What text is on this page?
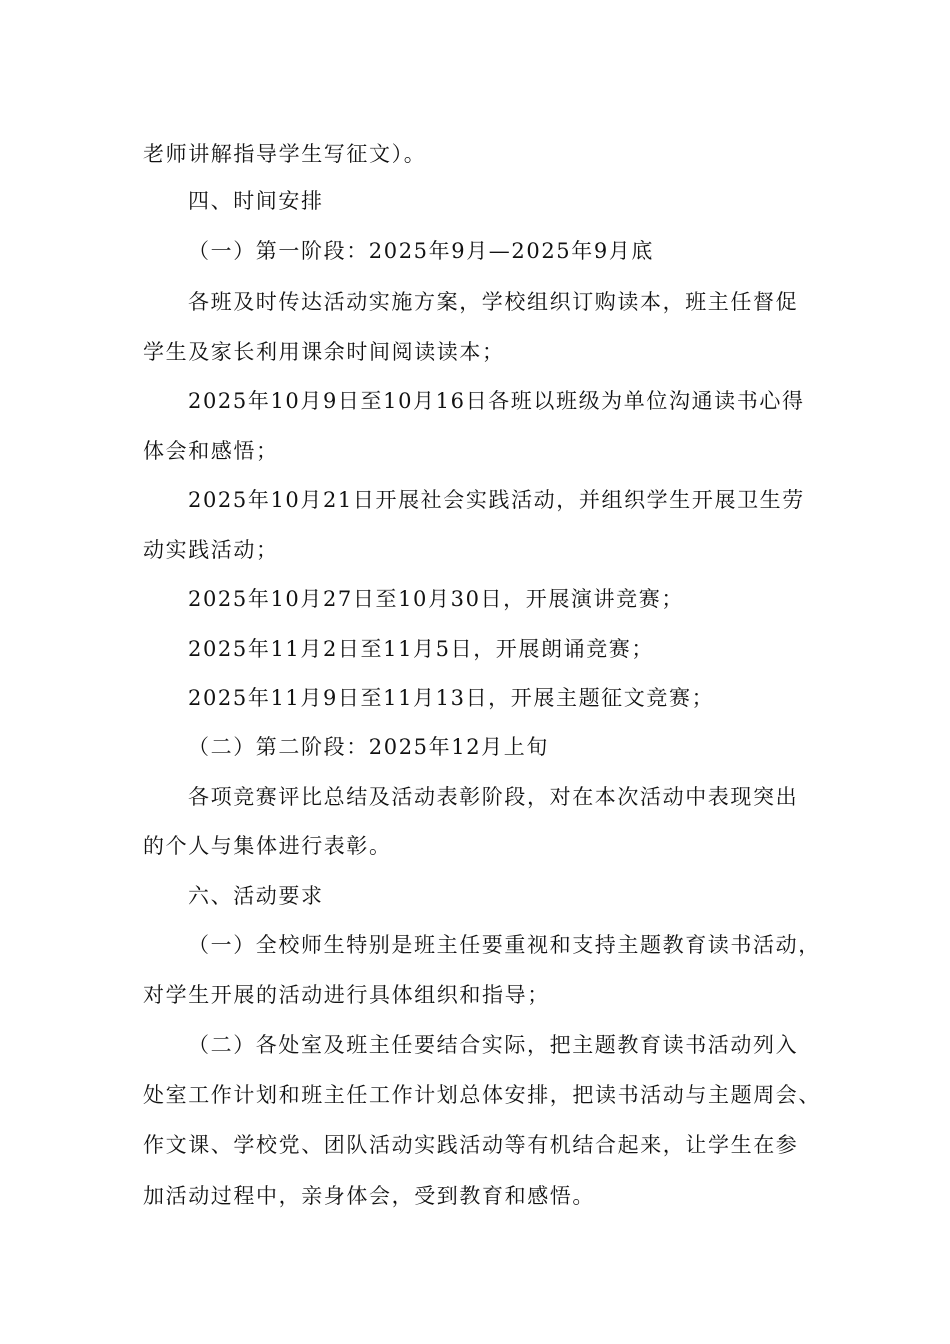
老师讲解指导学生写征文）。
四、时间安排
（一）第一阶段：2025年9月—2025年9月底
各班及时传达活动实施方案，学校组织订购读本，班主任督促
学生及家长利用课余时间阅读读本；
2025年10月9日至10月16日各班以班级为单位沟通读书心得
体会和感悟；
2025年10月21日开展社会实践活动，并组织学生开展卫生劳
动实践活动；
2025年10月27日至10月30日，开展演讲竞赛；
2025年11月2日至11月5日，开展朗诵竞赛；
2025年11月9日至11月13日，开展主题征文竞赛；
（二）第二阶段：2025年12月上旬
各项竞赛评比总结及活动表彰阶段，对在本次活动中表现突出
的个人与集体进行表彰。
六、活动要求
（一）全校师生特别是班主任要重视和支持主题教育读书活动，
对学生开展的活动进行具体组织和指导；
（二）各处室及班主任要结合实际，把主题教育读书活动列入
处室工作计划和班主任工作计划总体安排，把读书活动与主题周会、
作文课、学校党、团队活动实践活动等有机结合起来，让学生在参
加活动过程中，亲身体会，受到教育和感悟。
